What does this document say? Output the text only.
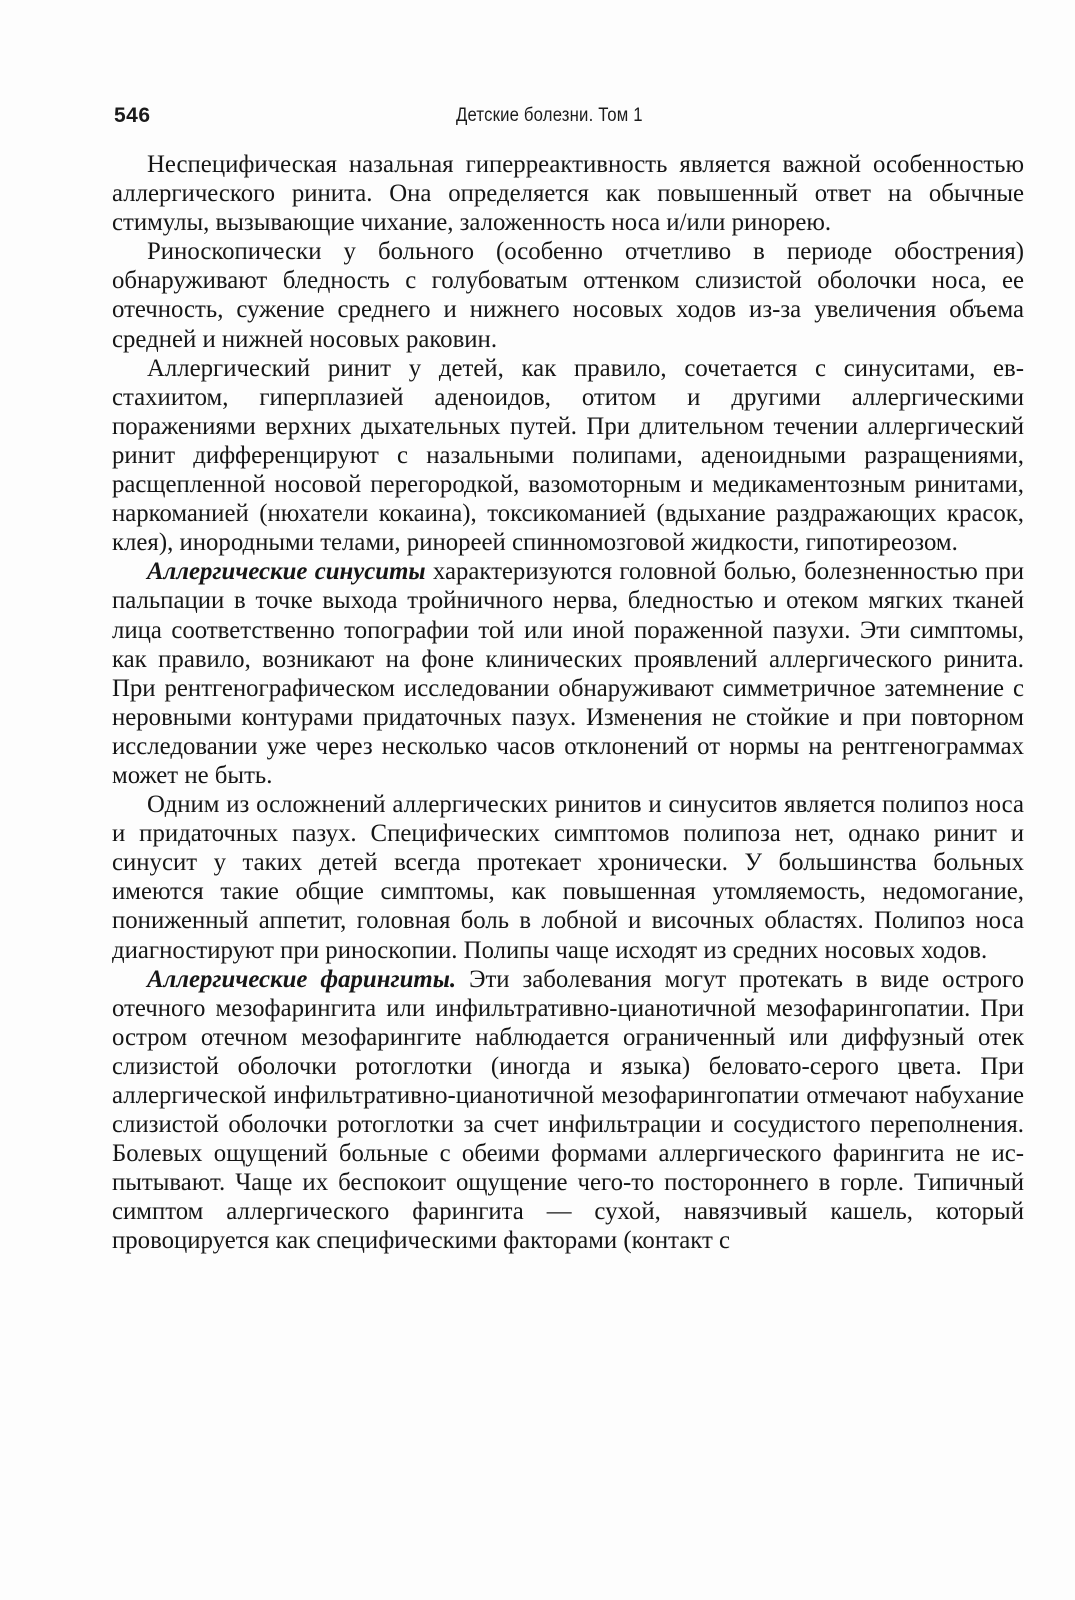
546	Детские болезни. Том 1

Неспецифическая назальная гиперреактивность является важной особенностью аллергического ринита. Она определяется как повышенный ответ на обычные стимулы, вызывающие чихание, заложенность носа и/или ринорею.

Риноскопически у больного (особенно отчетливо в периоде обострения) обнаруживают бледность с голубоватым оттенком слизистой оболочки носа, ее отечность, сужение среднего и нижнего носовых ходов из-за увеличения объема средней и нижней носовых раковин.

Аллергический ринит у детей, как правило, сочетается с синуситами, евстахиитом, гиперплазией аденоидов, отитом и другими аллергическими поражениями верхних дыхательных путей. При длительном течении аллергический ринит дифференцируют с назальными полипами, аденоидными разращениями, расщепленной носовой перегородкой, вазомоторным и медикаментозным ринитами, наркоманией (нюхатели кокаина), токсикоманией (вдыхание раздражающих красок, клея), инородными телами, ринореей спинномозговой жидкости, гипотиреозом.

Аллергические синуситы характеризуются головной болью, болезненностью при пальпации в точке выхода тройничного нерва, бледностью и отеком мягких тканей лица соответственно топографии той или иной пораженной пазухи. Эти симптомы, как правило, возникают на фоне клинических проявлений аллергического ринита. При рентгенографическом исследовании обнаруживают симметричное затемнение с неровными контурами придаточных пазух. Изменения не стойкие и при повторном исследовании уже через несколько часов отклонений от нормы на рентгенограммах может не быть.

Одним из осложнений аллергических ринитов и синуситов является полипоз носа и придаточных пазух. Специфических симптомов полипоза нет, однако ринит и синусит у таких детей всегда протекает хронически. У большинства больных имеются такие общие симптомы, как повышенная утомляемость, недомогание, пониженный аппетит, головная боль в лобной и височных областях. Полипоз носа диагностируют при риноскопии. Полипы чаще исходят из средних носовых ходов.

Аллергические фарингиты. Эти заболевания могут протекать в виде острого отечного мезофарингита или инфильтративно-цианотичной мезофарингопатии. При остром отечном мезофарингите наблюдается ограниченный или диффузный отек слизистой оболочки ротоглотки (иногда и языка) беловато-серого цвета. При аллергической инфильтративно-цианотичной мезофарингопатии отмечают набухание слизистой оболочки ротоглотки за счет инфильтрации и сосудистого переполнения. Болевых ощущений больные с обеими формами аллергического фарингита не испытывают. Чаще их беспокоит ощущение чего-то постороннего в горле. Типичный симптом аллергического фарингита — сухой, навязчивый кашель, который провоцируется как специфическими факторами (контакт с
